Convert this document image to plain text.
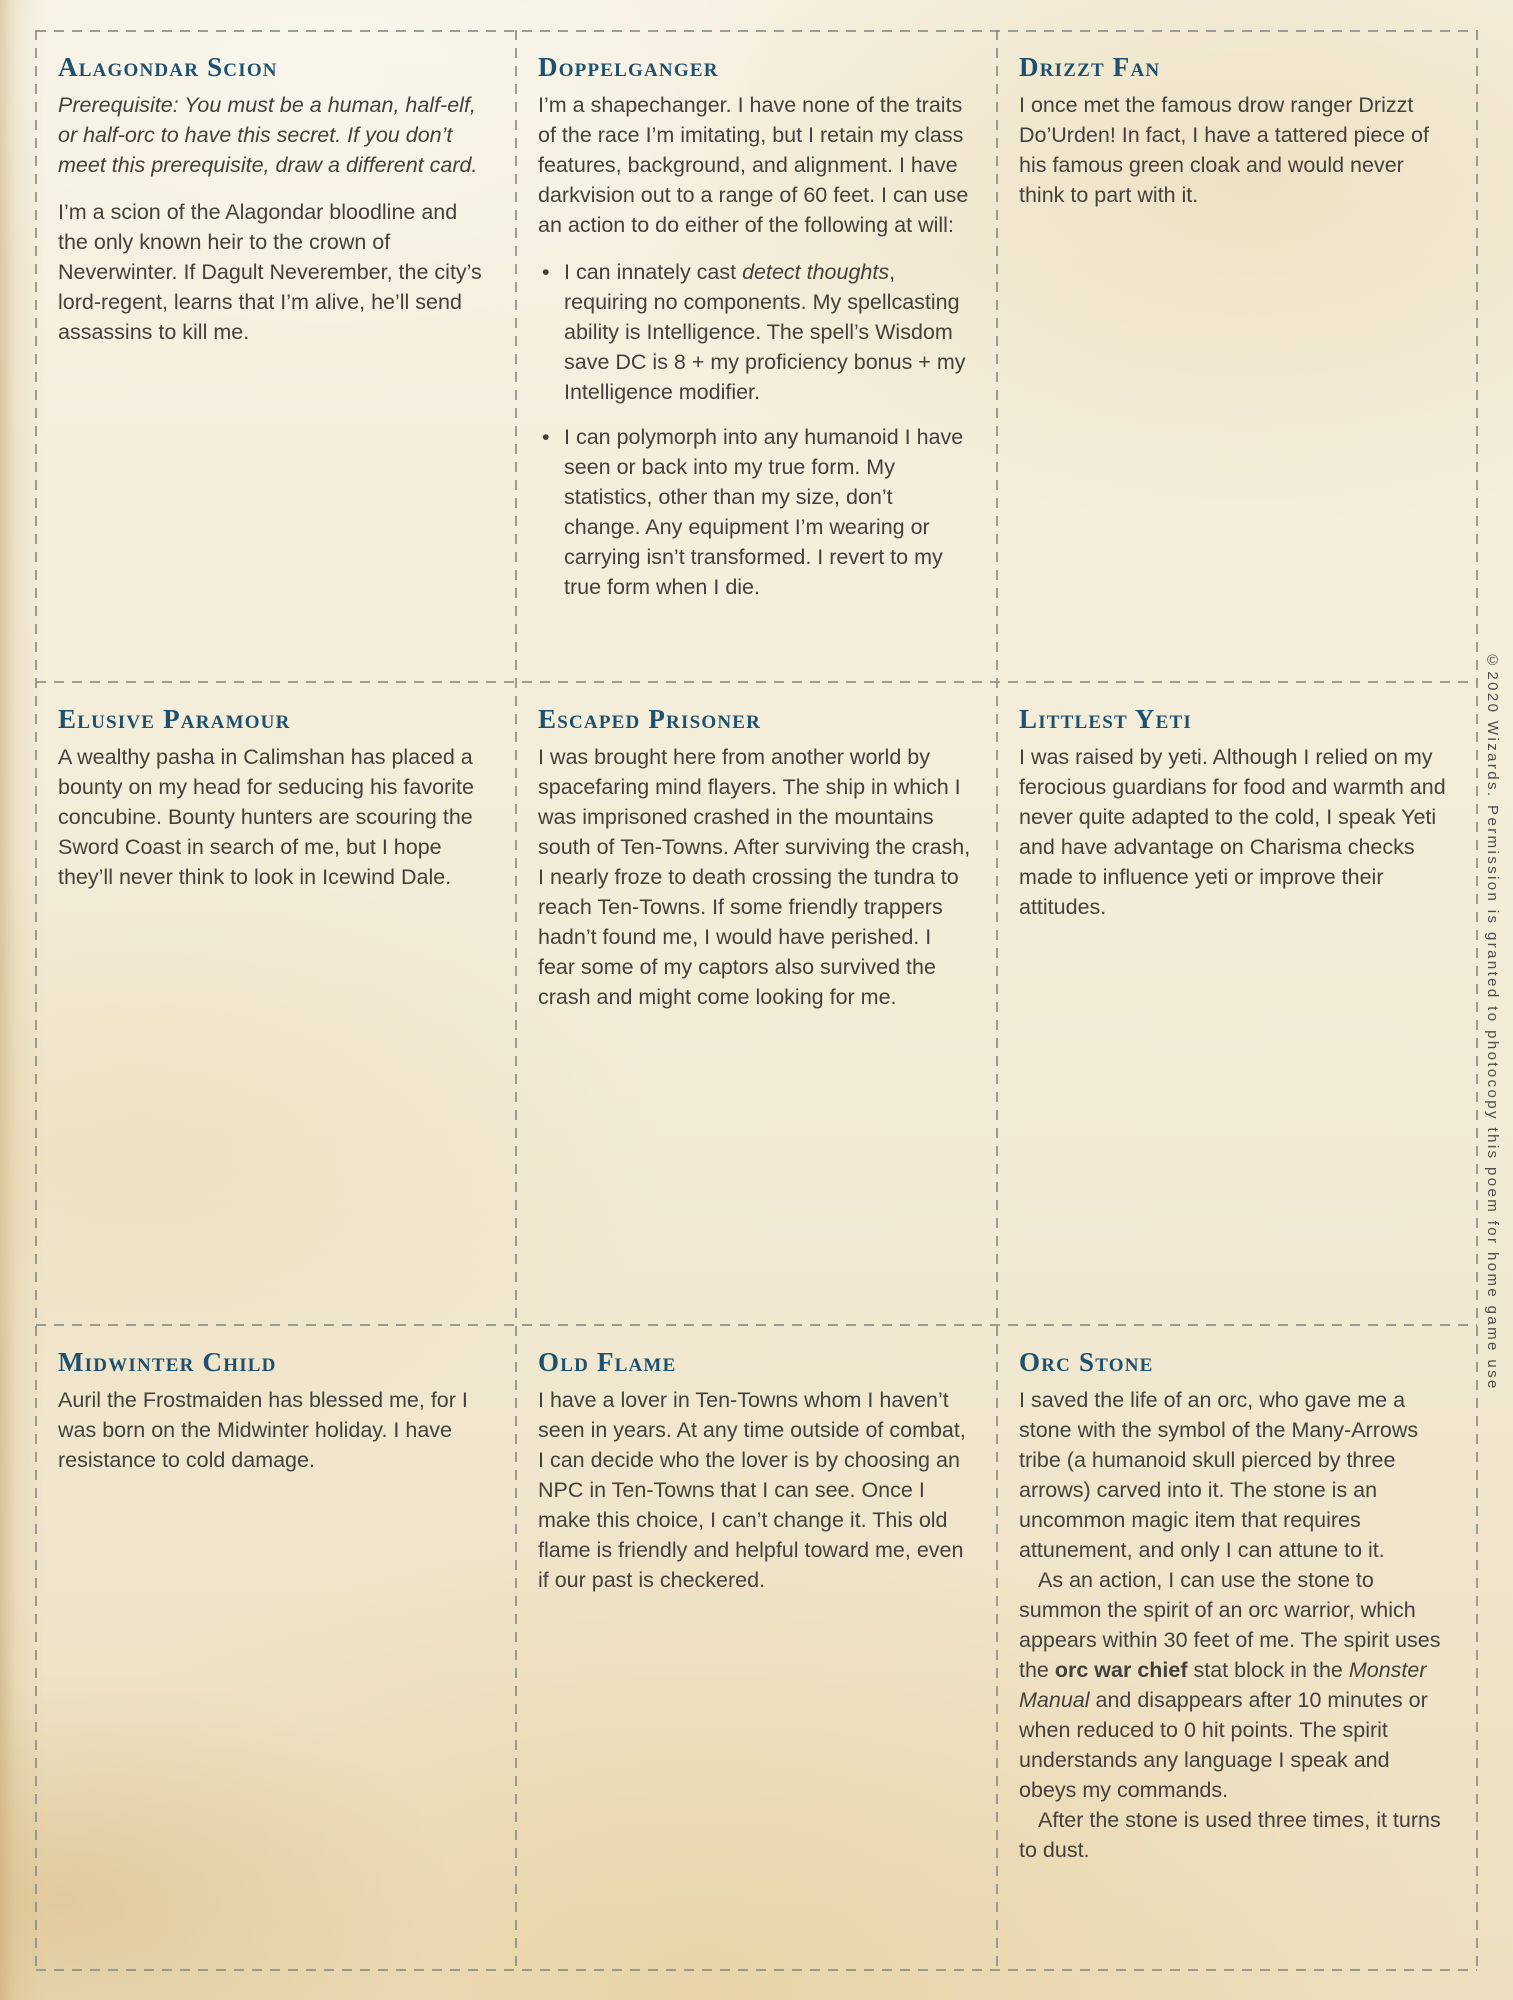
Alagondar Scion

Prerequisite: You must be a human, half-elf, or half-orc to have this secret. If you don’t meet this prerequisite, draw a different card.

I’m a scion of the Alagondar bloodline and the only known heir to the crown of Neverwinter. If Dagult Neverember, the city’s lord-regent, learns that I’m alive, he’ll send assassins to kill me.

Doppelganger

I’m a shapechanger. I have none of the traits of the race I’m imitating, but I retain my class features, background, and alignment. I have darkvision out to a range of 60 feet. I can use an action to do either of the following at will:

• I can innately cast detect thoughts, requiring no components. My spellcasting ability is Intelligence. The spell’s Wisdom save DC is 8 + my proficiency bonus + my Intelligence modifier.
• I can polymorph into any humanoid I have seen or back into my true form. My statistics, other than my size, don’t change. Any equipment I’m wearing or carrying isn’t transformed. I revert to my true form when I die.
Drizzt Fan

I once met the famous drow ranger Drizzt Do’Urden! In fact, I have a tattered piece of his famous green cloak and would never think to part with it.

Elusive Paramour

A wealthy pasha in Calimshan has placed a bounty on my head for seducing his favorite concubine. Bounty hunters are scouring the Sword Coast in search of me, but I hope they’ll never think to look in Icewind Dale.

Escaped Prisoner

I was brought here from another world by spacefaring mind flayers. The ship in which I was imprisoned crashed in the mountains south of Ten-Towns. After surviving the crash, I nearly froze to death crossing the tundra to reach Ten-Towns. If some friendly trappers hadn’t found me, I would have perished. I fear some of my captors also survived the crash and might come looking for me.

Littlest Yeti

I was raised by yeti. Although I relied on my ferocious guardians for food and warmth and never quite adapted to the cold, I speak Yeti and have advantage on Charisma checks made to influence yeti or improve their attitudes.

Midwinter Child

Auril the Frostmaiden has blessed me, for I was born on the Midwinter holiday. I have resistance to cold damage.

Old Flame

I have a lover in Ten-Towns whom I haven’t seen in years. At any time outside of combat, I can decide who the lover is by choosing an NPC in Ten-Towns that I can see. Once I make this choice, I can’t change it. This old flame is friendly and helpful toward me, even if our past is checkered.

Orc Stone

I saved the life of an orc, who gave me a stone with the symbol of the Many-Arrows tribe (a humanoid skull pierced by three arrows) carved into it. The stone is an uncommon magic item that requires attunement, and only I can attune to it.

As an action, I can use the stone to summon the spirit of an orc warrior, which appears within 30 feet of me. The spirit uses the orc war chief stat block in the Monster Manual and disappears after 10 minutes or when reduced to 0 hit points. The spirit understands any language I speak and obeys my commands.

After the stone is used three times, it turns to dust.

©2020 Wizards. Permission is granted to photocopy this poem for home game use
